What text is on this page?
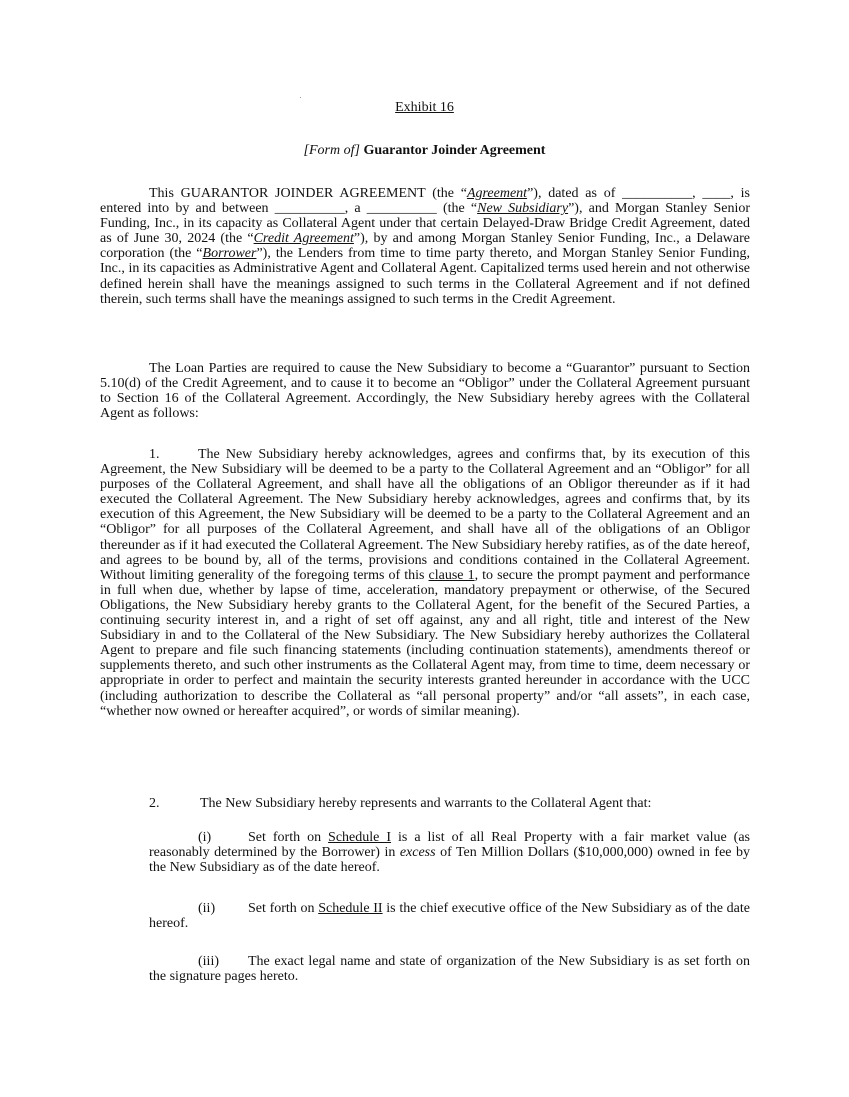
Exhibit 16
[Form of] Guarantor Joinder Agreement

This GUARANTOR JOINDER AGREEMENT (the “Agreement”), dated as of __________, ____, is entered into by and between __________, a __________ (the “New Subsidiary”), and Morgan Stanley Senior Funding, Inc., in its capacity as Collateral Agent under that certain Delayed-Draw Bridge Credit Agreement, dated as of June 30, 2024 (the “Credit Agreement”), by and among Morgan Stanley Senior Funding, Inc., a Delaware corporation (the “Borrower”), the Lenders from time to time party thereto, and Morgan Stanley Senior Funding, Inc., in its capacities as Administrative Agent and Collateral Agent. Capitalized terms used herein and not otherwise defined herein shall have the meanings assigned to such terms in the Collateral Agreement and if not defined therein, such terms shall have the meanings assigned to such terms in the Credit Agreement.

The Loan Parties are required to cause the New Subsidiary to become a “Guarantor” pursuant to Section 5.10(d) of the Credit Agreement, and to cause it to become an “Obligor” under the Collateral Agreement pursuant to Section 16 of the Collateral Agreement. Accordingly, the New Subsidiary hereby agrees with the Collateral Agent as follows:

1.	The New Subsidiary hereby acknowledges, agrees and confirms that, by its execution of this Agreement, the New Subsidiary will be deemed to be a party to the Collateral Agreement and an “Obligor” for all purposes of the Collateral Agreement, and shall have all the obligations of an Obligor thereunder as if it had executed the Collateral Agreement. The New Subsidiary hereby acknowledges, agrees and confirms that, by its execution of this Agreement, the New Subsidiary will be deemed to be a party to the Collateral Agreement and an “Obligor” for all purposes of the Collateral Agreement, and shall have all of the obligations of an Obligor thereunder as if it had executed the Collateral Agreement. The New Subsidiary hereby ratifies, as of the date hereof, and agrees to be bound by, all of the terms, provisions and conditions contained in the Collateral Agreement. Without limiting generality of the foregoing terms of this clause 1, to secure the prompt payment and performance in full when due, whether by lapse of time, acceleration, mandatory prepayment or otherwise, of the Secured Obligations, the New Subsidiary hereby grants to the Collateral Agent, for the benefit of the Secured Parties, a continuing security interest in, and a right of set off against, any and all right, title and interest of the New Subsidiary in and to the Collateral of the New Subsidiary. The New Subsidiary hereby authorizes the Collateral Agent to prepare and file such financing statements (including continuation statements), amendments thereof or supplements thereto, and such other instruments as the Collateral Agent may, from time to time, deem necessary or appropriate in order to perfect and maintain the security interests granted hereunder in accordance with the UCC (including authorization to describe the Collateral as “all personal property” and/or “all assets”, in each case, “whether now owned or hereafter acquired”, or words of similar meaning).

2.	The New Subsidiary hereby represents and warrants to the Collateral Agent that:

(i)	Set forth on Schedule I is a list of all Real Property with a fair market value (as reasonably determined by the Borrower) in excess of Ten Million Dollars ($10,000,000) owned in fee by the New Subsidiary as of the date hereof.

(ii) Set forth on Schedule II is the chief executive office of the New Subsidiary as of the date hereof.

(iii) The exact legal name and state of organization of the New Subsidiary is as set forth on the signature pages hereto.
